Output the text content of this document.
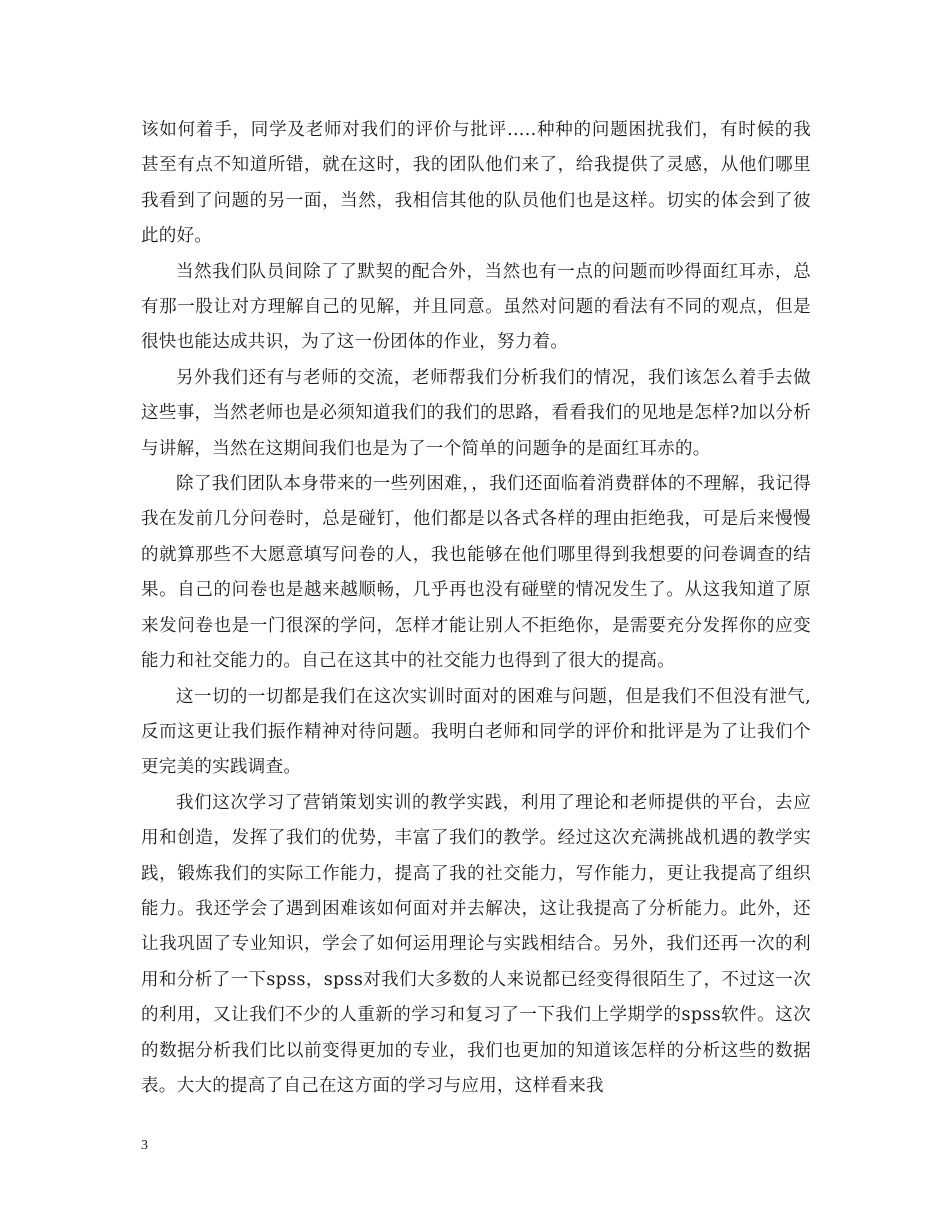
该如何着手，同学及老师对我们的评价与批评…..种种的问题困扰我们，有时候的我甚至有点不知道所错，就在这时，我的团队他们来了，给我提供了灵感，从他们哪里我看到了问题的另一面，当然，我相信其他的队员他们也是这样。切实的体会到了彼此的好。

当然我们队员间除了了默契的配合外，当然也有一点的问题而吵得面红耳赤，总有那一股让对方理解自己的见解，并且同意。虽然对问题的看法有不同的观点，但是很快也能达成共识，为了这一份团体的作业，努力着。

另外我们还有与老师的交流，老师帮我们分析我们的情况，我们该怎么着手去做这些事，当然老师也是必须知道我们的我们的思路，看看我们的见地是怎样?加以分析与讲解，当然在这期间我们也是为了一个简单的问题争的是面红耳赤的。

除了我们团队本身带来的一些列困难，，我们还面临着消费群体的不理解，我记得我在发前几分问卷时，总是碰钉，他们都是以各式各样的理由拒绝我，可是后来慢慢的就算那些不大愿意填写问卷的人，我也能够在他们哪里得到我想要的问卷调查的结果。自己的问卷也是越来越顺畅，几乎再也没有碰壁的情况发生了。从这我知道了原来发问卷也是一门很深的学问，怎样才能让别人不拒绝你，是需要充分发挥你的应变能力和社交能力的。自己在这其中的社交能力也得到了很大的提高。

这一切的一切都是我们在这次实训时面对的困难与问题，但是我们不但没有泄气,反而这更让我们振作精神对待问题。我明白老师和同学的评价和批评是为了让我们个更完美的实践调查。

我们这次学习了营销策划实训的教学实践，利用了理论和老师提供的平台，去应用和创造，发挥了我们的优势，丰富了我们的教学。经过这次充满挑战机遇的教学实践，锻炼我们的实际工作能力，提高了我的社交能力，写作能力，更让我提高了组织能力。我还学会了遇到困难该如何面对并去解决，这让我提高了分析能力。此外，还让我巩固了专业知识，学会了如何运用理论与实践相结合。另外，我们还再一次的利用和分析了一下spss，spss对我们大多数的人来说都已经变得很陌生了，不过这一次的利用，又让我们不少的人重新的学习和复习了一下我们上学期学的spss软件。这次的数据分析我们比以前变得更加的专业，我们也更加的知道该怎样的分析这些的数据表。大大的提高了自己在这方面的学习与应用，这样看来我

3
